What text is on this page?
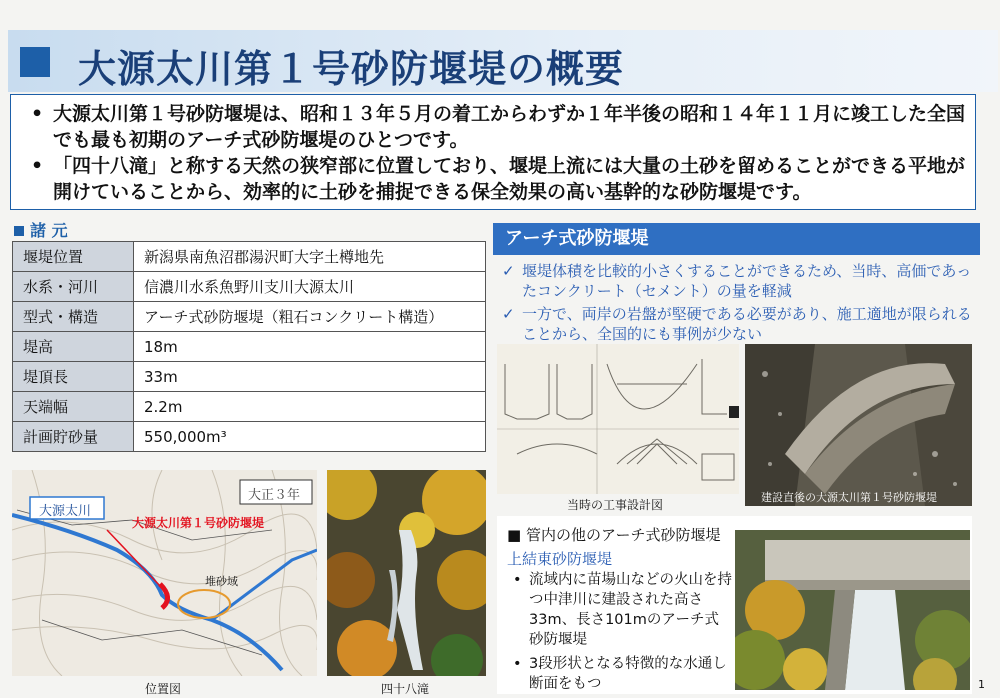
大源太川第１号砂防堰堤の概要
• 大源太川第１号砂防堰堤は、昭和１３年５月の着工からわずか１年半後の昭和１４年１１月に竣工した全国でも最も初期のアーチ式砂防堰堤のひとつです。
• 「四十八滝」と称する天然の狭窄部に位置しており、堰堤上流には大量の土砂を留めることができる平地が開けていることから、効率的に土砂を捕捉できる保全効果の高い基幹的な砂防堰堤です。
諸 元
堰堤位置	新潟県南魚沼郡湯沢町大字土樽地先
水系・河川	信濃川水系魚野川支川大源太川
型式・構造	アーチ式砂防堰堤（粗石コンクリート構造）
堤高	18m
堤頂長	33m
天端幅	2.2m
計画貯砂量	550,000m³
大源太川
大正３年
大源太川第１号砂防堰堤
堆砂域
位置図	四十八滝
アーチ式砂防堰堤
✓ 堰堤体積を比較的小さくすることができるため、当時、高価であったコンクリート（セメント）の量を軽減
✓ 一方で、両岸の岩盤が堅硬である必要があり、施工適地が限られることから、全国的にも事例が少ない
当時の工事設計図
建設直後の大源太川第１号砂防堰堤
■ 管内の他のアーチ式砂防堰堤
上結東砂防堰堤
• 流域内に苗場山などの火山を持つ中津川に建設された高さ33m、長さ101mのアーチ式砂防堰堤
• 3段形状となる特徴的な水通し断面をもつ	1
